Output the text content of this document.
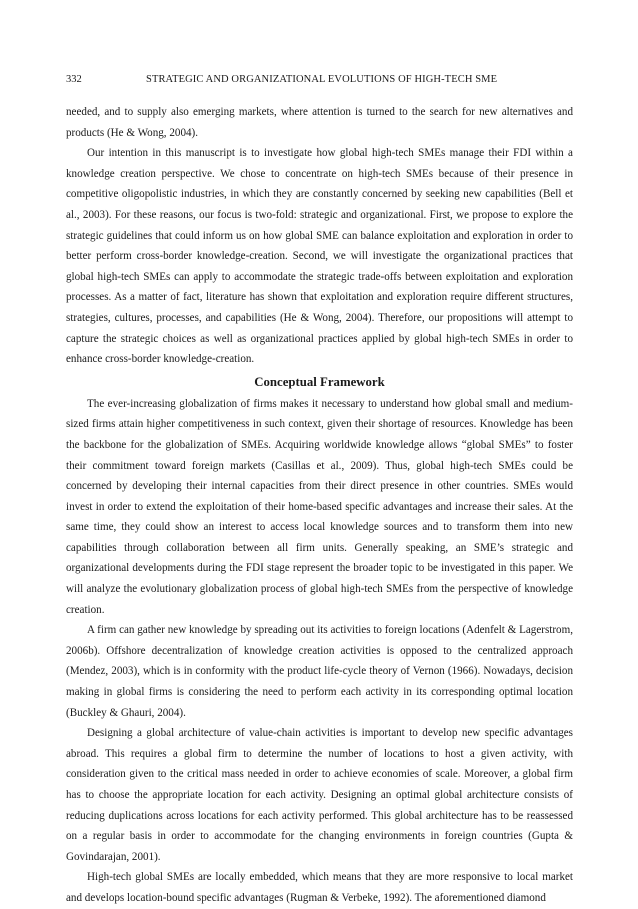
332	STRATEGIC AND ORGANIZATIONAL EVOLUTIONS OF HIGH-TECH SME

needed, and to supply also emerging markets, where attention is turned to the search for new alternatives and products (He & Wong, 2004).

Our intention in this manuscript is to investigate how global high-tech SMEs manage their FDI within a knowledge creation perspective. We chose to concentrate on high-tech SMEs because of their presence in competitive oligopolistic industries, in which they are constantly concerned by seeking new capabilities (Bell et al., 2003). For these reasons, our focus is two-fold: strategic and organizational. First, we propose to explore the strategic guidelines that could inform us on how global SME can balance exploitation and exploration in order to better perform cross-border knowledge-creation. Second, we will investigate the organizational practices that global high-tech SMEs can apply to accommodate the strategic trade-offs between exploitation and exploration processes. As a matter of fact, literature has shown that exploitation and exploration require different structures, strategies, cultures, processes, and capabilities (He & Wong, 2004). Therefore, our propositions will attempt to capture the strategic choices as well as organizational practices applied by global high-tech SMEs in order to enhance cross-border knowledge-creation.

Conceptual Framework

The ever-increasing globalization of firms makes it necessary to understand how global small and medium-sized firms attain higher competitiveness in such context, given their shortage of resources. Knowledge has been the backbone for the globalization of SMEs. Acquiring worldwide knowledge allows “global SMEs” to foster their commitment toward foreign markets (Casillas et al., 2009). Thus, global high-tech SMEs could be concerned by developing their internal capacities from their direct presence in other countries. SMEs would invest in order to extend the exploitation of their home-based specific advantages and increase their sales. At the same time, they could show an interest to access local knowledge sources and to transform them into new capabilities through collaboration between all firm units. Generally speaking, an SME’s strategic and organizational developments during the FDI stage represent the broader topic to be investigated in this paper. We will analyze the evolutionary globalization process of global high-tech SMEs from the perspective of knowledge creation.

A firm can gather new knowledge by spreading out its activities to foreign locations (Adenfelt & Lagerstrom, 2006b). Offshore decentralization of knowledge creation activities is opposed to the centralized approach (Mendez, 2003), which is in conformity with the product life-cycle theory of Vernon (1966). Nowadays, decision making in global firms is considering the need to perform each activity in its corresponding optimal location (Buckley & Ghauri, 2004).

Designing a global architecture of value-chain activities is important to develop new specific advantages abroad. This requires a global firm to determine the number of locations to host a given activity, with consideration given to the critical mass needed in order to achieve economies of scale. Moreover, a global firm has to choose the appropriate location for each activity. Designing an optimal global architecture consists of reducing duplications across locations for each activity performed. This global architecture has to be reassessed on a regular basis in order to accommodate for the changing environments in foreign countries (Gupta & Govindarajan, 2001).

High-tech global SMEs are locally embedded, which means that they are more responsive to local market and develops location-bound specific advantages (Rugman & Verbeke, 1992). The aforementioned diamond
